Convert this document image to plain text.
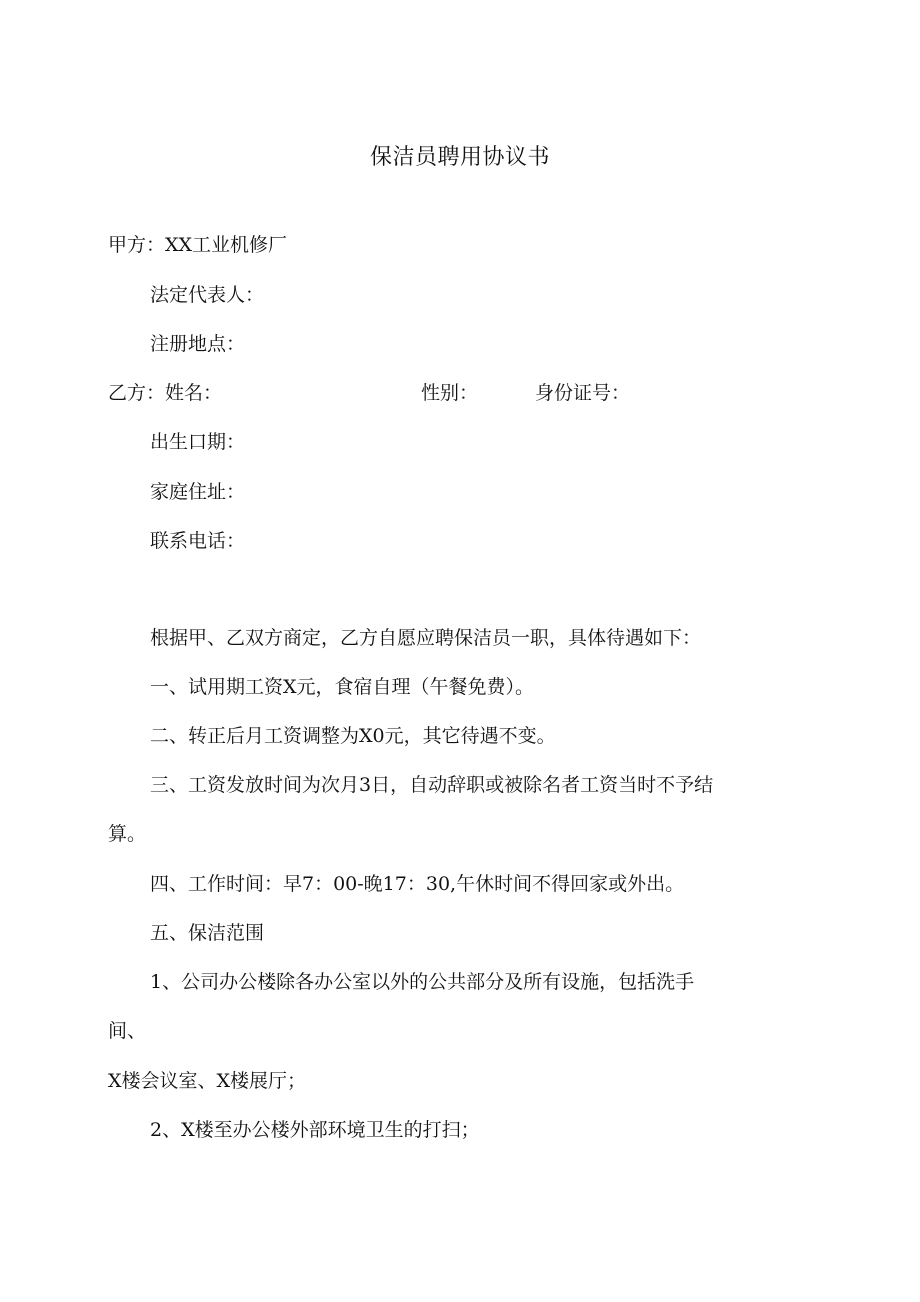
保洁员聘用协议书
甲方：XX工业机修厂
法定代表人：
注册地点：
乙方：姓名：	性别：	身份证号：
出生口期：
家庭住址：
联系电话：
根据甲、乙双方商定，乙方自愿应聘保洁员一职，具体待遇如下：
一、试用期工资X元，食宿自理（午餐免费）。
二、转正后月工资调整为X0元，其它待遇不变。
三、工资发放时间为次月3日，自动辞职或被除名者工资当时不予结
算。
四、工作时间：早7：00-晚17：30,午休时间不得回家或外出。
五、保洁范围
1、公司办公楼除各办公室以外的公共部分及所有设施，包括洗手
间、
X楼会议室、X楼展厅；
2、X楼至办公楼外部环境卫生的打扫；
